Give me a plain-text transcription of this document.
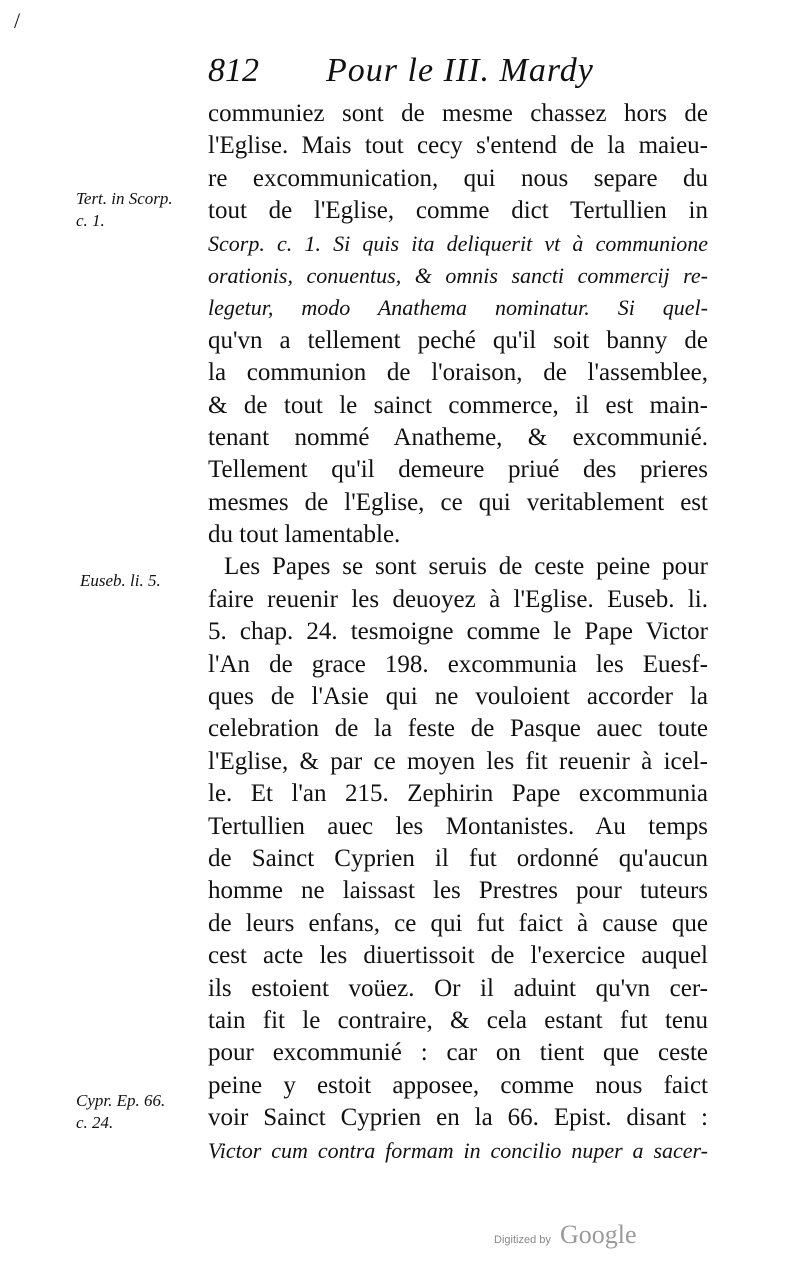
/
812 Pour le III. Mardy
communiez sont de mesme chassez hors de
l'Eglise. Mais tout cecy s'entend de la maieu-
re excommunication, qui nous separe du
tout de l'Eglise, comme dict Tertullien in
Scorp. c. 1. Si quis ita deliquerit vt à communione
orationis, conuentus, & omnis sancti commercij re-
legetur, modo Anathema nominatur. Si quel-
qu'vn a tellement peché qu'il soit banny de
la communion de l'oraison, de l'assemblee,
& de tout le sainct commerce, il est main-
tenant nommé Anatheme, & excommunié.
Tellement qu'il demeure priué des prieres
mesmes de l'Eglise, ce qui veritablement est
du tout lamentable.
Les Papes se sont seruis de ceste peine pour
faire reuenir les deuoyez à l'Eglise. Euseb. li.
5. chap. 24. tesmoigne comme le Pape Victor
l'An de grace 198. excommunia les Euesf-
ques de l'Asie qui ne vouloient accorder la
celebration de la feste de Pasque auec toute
l'Eglise, & par ce moyen les fit reuenir à icel-
le. Et l'an 215. Zephirin Pape excommunia
Tertullien auec les Montanistes. Au temps
de Sainct Cyprien il fut ordonné qu'aucun
homme ne laissast les Prestres pour tuteurs
de leurs enfans, ce qui fut faict à cause que
cest acte les diuertissoit de l'exercice auquel
ils estoient voüez. Or il aduint qu'vn cer-
tain fit le contraire, & cela estant fut tenu
pour excommunié : car on tient que ceste
peine y estoit apposee, comme nous faict
voir Sainct Cyprien en la 66. Epist. disant :
Victor cum contra formam in concilio nuper a sacer-
Tert. in Scorp.
c. 1.
Euseb. li. 5.
Cypr. Ep. 66.
c. 24.
Digitized by Google
